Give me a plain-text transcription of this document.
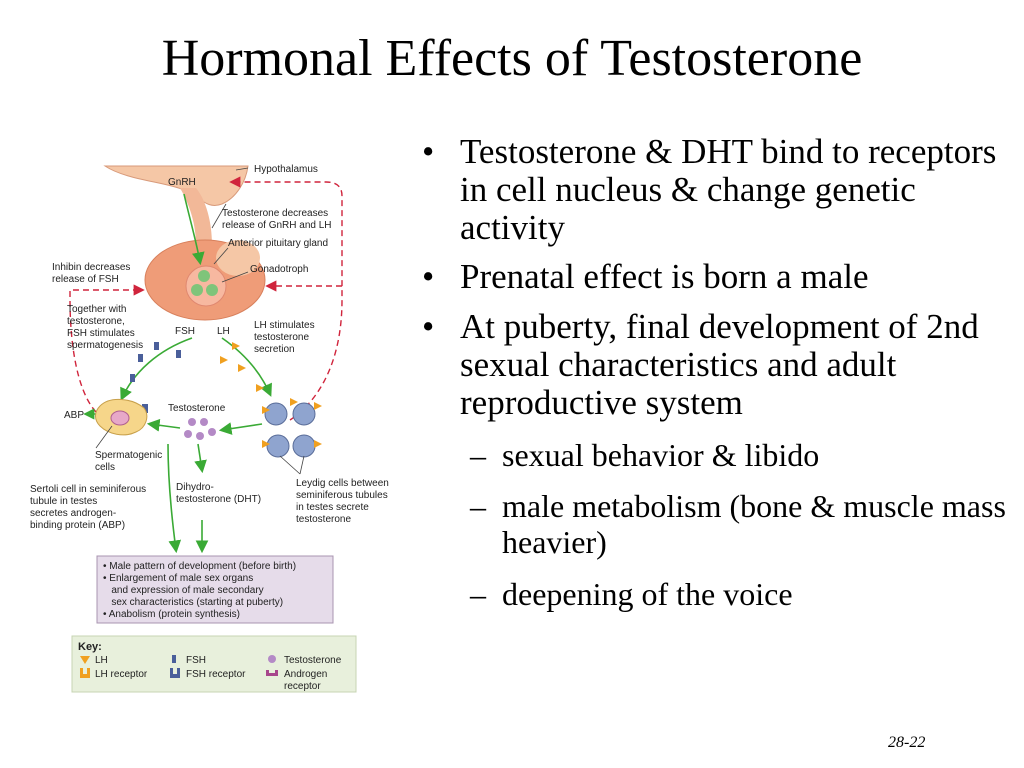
Hormonal Effects of Testosterone
• Testosterone & DHT bind to receptors in cell nucleus & change genetic activity
• Prenatal effect is born a male
• At puberty, final development of 2nd sexual characteristics and adult reproductive system
– sexual behavior & libido
– male metabolism (bone & muscle mass heavier)
– deepening of the voice
28-22
Hypothalamus
GnRH
Testosterone decreases
release of GnRH and LH
Anterior pituitary gland
Gonadotroph
Inhibin decreases
release of FSH
Together with
testosterone,
FSH stimulates
spermatogenesis
FSH LH
LH stimulates
testosterone
secretion
ABP
Testosterone
Spermatogenic
cells
Sertoli cell in seminiferous
tubule in testes
secretes androgen-
binding protein (ABP)
Dihydro-
testosterone (DHT)
Leydig cells between
seminiferous tubules
in testes secrete
testosterone
• Male pattern of development (before birth)
• Enlargement of male sex organs
and expression of male secondary
sex characteristics (starting at puberty)
• Anabolism (protein synthesis)
Key:
LH
LH receptor
FSH
FSH receptor
Testosterone
Androgen
receptor
